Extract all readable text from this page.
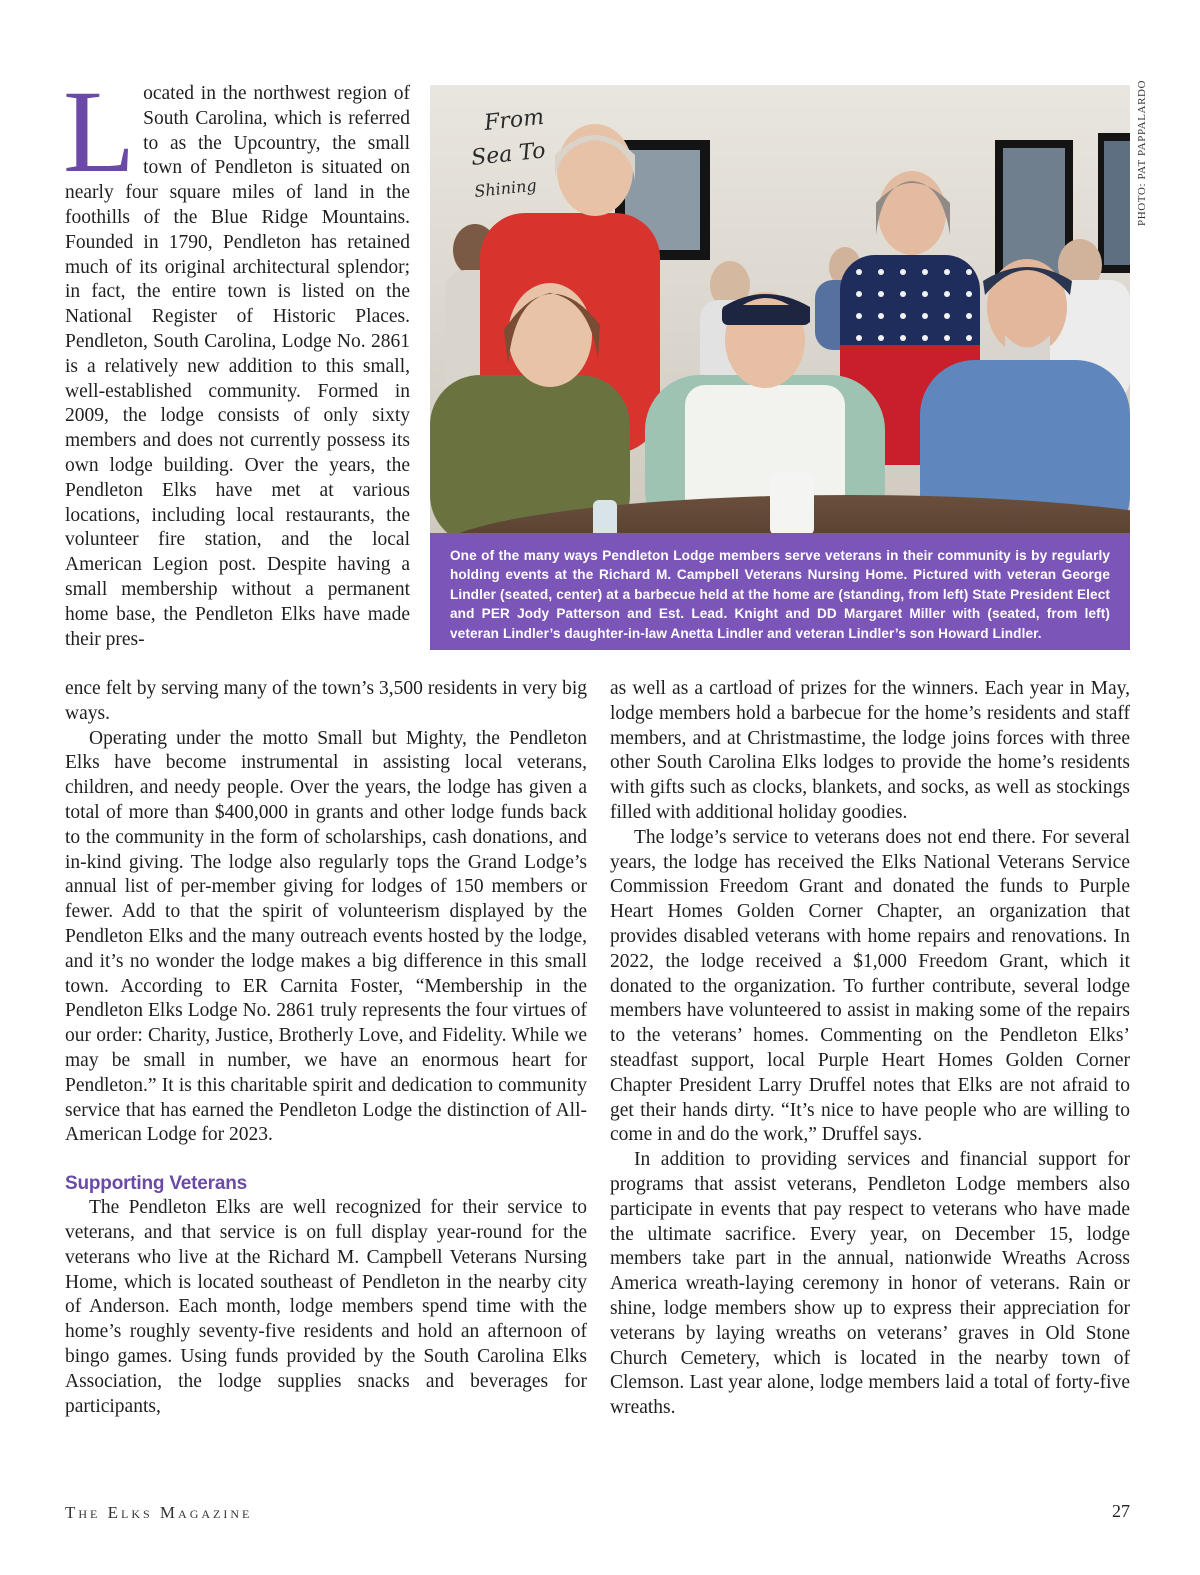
Located in the northwest region of South Carolina, which is referred to as the Upcountry, the small town of Pendleton is situated on nearly four square miles of land in the foothills of the Blue Ridge Mountains. Founded in 1790, Pendleton has retained much of its original architectural splendor; in fact, the entire town is listed on the National Register of Historic Places. Pendleton, South Carolina, Lodge No. 2861 is a relatively new addition to this small, well-established community. Formed in 2009, the lodge consists of only sixty members and does not currently possess its own lodge building. Over the years, the Pendleton Elks have met at various locations, including local restaurants, the volunteer fire station, and the local American Legion post. Despite having a small membership without a permanent home base, the Pendleton Elks have made their pres-

From
Sea To
Shining
One of the many ways Pendleton Lodge members serve veterans in their community is by regularly holding events at the Richard M. Campbell Veterans Nursing Home. Pictured with veteran George Lindler (seated, center) at a barbecue held at the home are (standing, from left) State President Elect and PER Jody Patterson and Est. Lead. Knight and DD Margaret Miller with (seated, from left) veteran Lindler’s daughter-in-law Anetta Lindler and veteran Lindler’s son Howard Lindler.
PHOTO: PAT PAPPALARDO

ence felt by serving many of the town’s 3,500 residents in very big ways.

Operating under the motto Small but Mighty, the Pendleton Elks have become instrumental in assisting local veterans, children, and needy people. Over the years, the lodge has given a total of more than $400,000 in grants and other lodge funds back to the community in the form of scholarships, cash donations, and in-kind giving. The lodge also regularly tops the Grand Lodge’s annual list of per-member giving for lodges of 150 members or fewer. Add to that the spirit of volunteerism displayed by the Pendleton Elks and the many outreach events hosted by the lodge, and it’s no wonder the lodge makes a big difference in this small town. According to ER Carnita Foster, “Membership in the Pendleton Elks Lodge No. 2861 truly represents the four virtues of our order: Charity, Justice, Brotherly Love, and Fidelity. While we may be small in number, we have an enormous heart for Pendleton.” It is this charitable spirit and dedication to community service that has earned the Pendleton Lodge the distinction of All-American Lodge for 2023.

Supporting Veterans

The Pendleton Elks are well recognized for their service to veterans, and that service is on full display year-round for the veterans who live at the Richard M. Campbell Veterans Nursing Home, which is located southeast of Pendleton in the nearby city of Anderson. Each month, lodge members spend time with the home’s roughly seventy-five residents and hold an afternoon of bingo games. Using funds provided by the South Carolina Elks Association, the lodge supplies snacks and beverages for participants,

as well as a cartload of prizes for the winners. Each year in May, lodge members hold a barbecue for the home’s residents and staff members, and at Christmastime, the lodge joins forces with three other South Carolina Elks lodges to provide the home’s residents with gifts such as clocks, blankets, and socks, as well as stockings filled with additional holiday goodies.

The lodge’s service to veterans does not end there. For several years, the lodge has received the Elks National Veterans Service Commission Freedom Grant and donated the funds to Purple Heart Homes Golden Corner Chapter, an organization that provides disabled veterans with home repairs and renovations. In 2022, the lodge received a $1,000 Freedom Grant, which it donated to the organization. To further contribute, several lodge members have volunteered to assist in making some of the repairs to the veterans’ homes. Commenting on the Pendleton Elks’ steadfast support, local Purple Heart Homes Golden Corner Chapter President Larry Druffel notes that Elks are not afraid to get their hands dirty. “It’s nice to have people who are willing to come in and do the work,” Druffel says.

In addition to providing services and financial support for programs that assist veterans, Pendleton Lodge members also participate in events that pay respect to veterans who have made the ultimate sacrifice. Every year, on December 15, lodge members take part in the annual, nationwide Wreaths Across America wreath-laying ceremony in honor of veterans. Rain or shine, lodge members show up to express their appreciation for veterans by laying wreaths on veterans’ graves in Old Stone Church Cemetery, which is located in the nearby town of Clemson. Last year alone, lodge members laid a total of forty-five wreaths.

The Elks Magazine	27
